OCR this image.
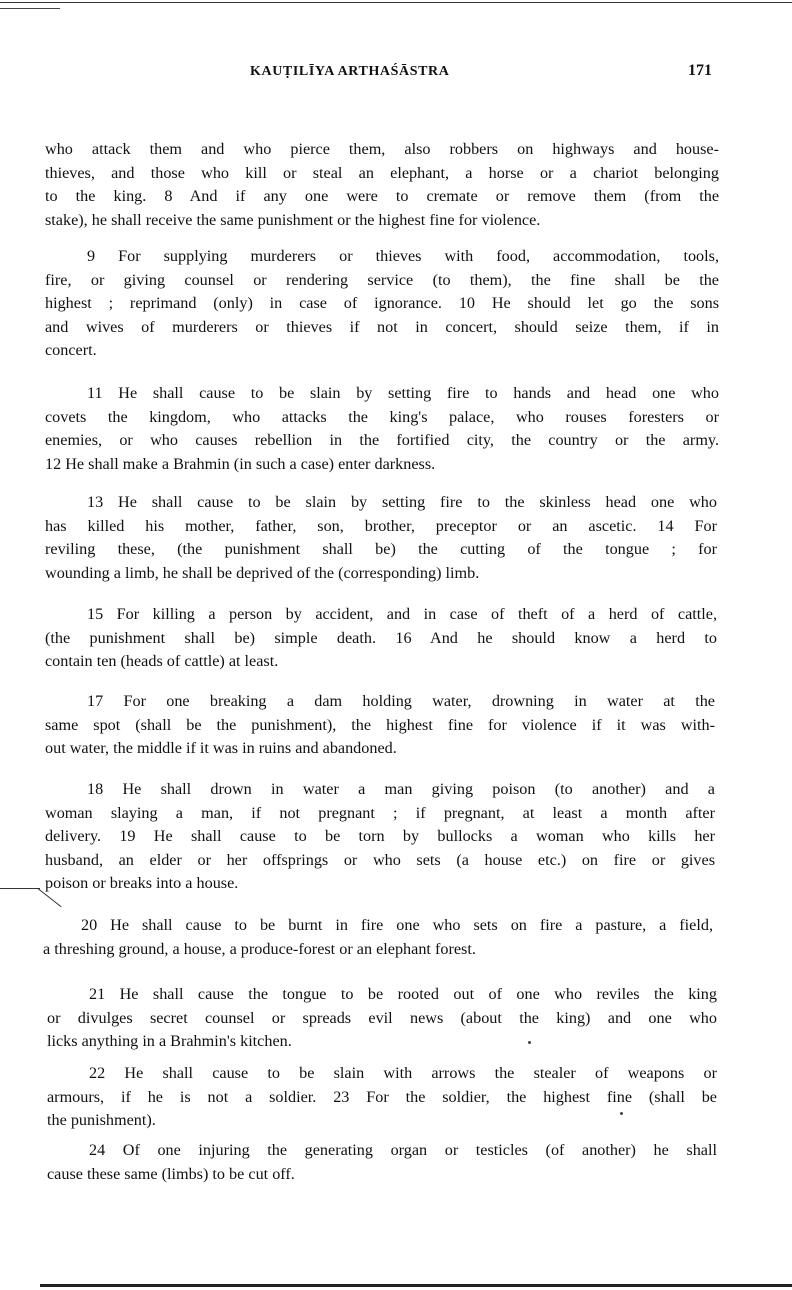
KAUṬILĪYA ARTHAŚĀSTRA	171
who attack them and who pierce them, also robbers on highways and house-
thieves, and those who kill or steal an elephant, a horse or a chariot belonging
to the king. 8 And if any one were to cremate or remove them (from the
stake), he shall receive the same punishment or the highest fine for violence.
9 For supplying murderers or thieves with food, accommodation, tools,
fire, or giving counsel or rendering service (to them), the fine shall be the
highest ; reprimand (only) in case of ignorance. 10 He should let go the sons
and wives of murderers or thieves if not in concert, should seize them, if in
concert.
11 He shall cause to be slain by setting fire to hands and head one who
covets the kingdom, who attacks the king's palace, who rouses foresters or
enemies, or who causes rebellion in the fortified city, the country or the army.
12 He shall make a Brahmin (in such a case) enter darkness.
13 He shall cause to be slain by setting fire to the skinless head one who
has killed his mother, father, son, brother, preceptor or an ascetic. 14 For
reviling these, (the punishment shall be) the cutting of the tongue ; for
wounding a limb, he shall be deprived of the (corresponding) limb.
15 For killing a person by accident, and in case of theft of a herd of cattle,
(the punishment shall be) simple death. 16 And he should know a herd to
contain ten (heads of cattle) at least.
17 For one breaking a dam holding water, drowning in water at the
same spot (shall be the punishment), the highest fine for violence if it was with-
out water, the middle if it was in ruins and abandoned.
18 He shall drown in water a man giving poison (to another) and a
woman slaying a man, if not pregnant ; if pregnant, at least a month after
delivery. 19 He shall cause to be torn by bullocks a woman who kills her
husband, an elder or her offsprings or who sets (a house etc.) on fire or gives
poison or breaks into a house.
20 He shall cause to be burnt in fire one who sets on fire a pasture, a field,
a threshing ground, a house, a produce-forest or an elephant forest.
21 He shall cause the tongue to be rooted out of one who reviles the king
or divulges secret counsel or spreads evil news (about the king) and one who
licks anything in a Brahmin's kitchen.
22 He shall cause to be slain with arrows the stealer of weapons or
armours, if he is not a soldier. 23 For the soldier, the highest fine (shall be
the punishment).
24 Of one injuring the generating organ or testicles (of another) he shall
cause these same (limbs) to be cut off.
